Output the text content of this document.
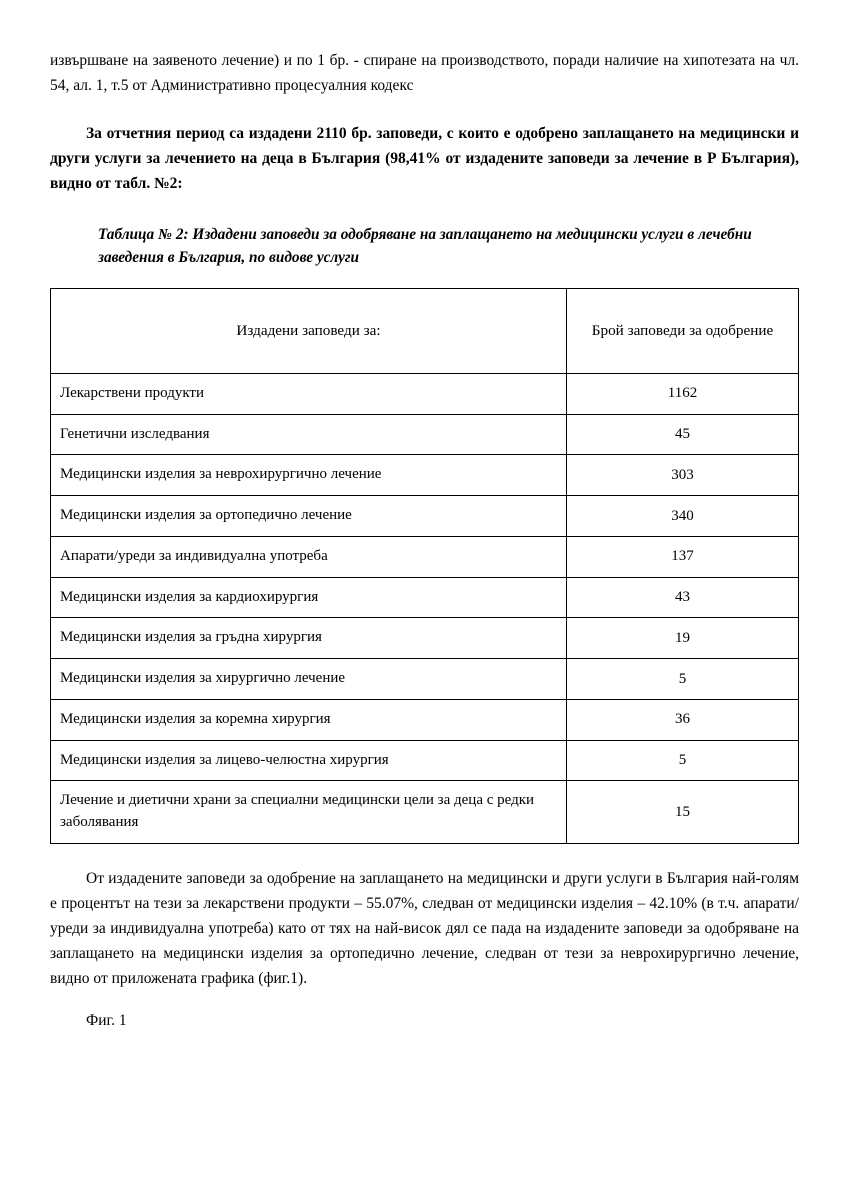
извършване на заявеното лечение) и по 1 бр. - спиране на производството, поради наличие на хипотезата на чл. 54, ал. 1, т.5 от Административно процесуалния кодекс

За отчетния период са издадени 2110 бр. заповеди, с които е одобрено заплащането на медицински и други услуги за лечението на деца в България (98,41% от издадените заповеди за лечение в Р България), видно от табл. №2:

Таблица № 2: Издадени заповеди за одобряване на заплащането на медицински услуги в лечебни заведения в България, по видове услуги

Издадени заповеди за:	Брой заповеди за одобрение
Лекарствени продукти	1162
Генетични изследвания	45
Медицински изделия за неврохирургично лечение	303
Медицински изделия за ортопедично лечение	340
Апарати/уреди за индивидуална употреба	137
Медицински изделия за кардиохирургия	43
Медицински изделия за гръдна хирургия	19
Медицински изделия за хирургично лечение	5
Медицински изделия за коремна хирургия	36
Медицински изделия за лицево-челюстна хирургия	5
Лечение и диетични храни за специални медицински цели за деца с редки заболявания	15

От издадените заповеди за одобрение на заплащането на медицински и други услуги в България най-голям е процентът на тези за лекарствени продукти – 55.07%, следван от медицински изделия – 42.10% (в т.ч. апарати/уреди за индивидуална употреба) като от тях на най-висок дял се пада на издадените заповеди за одобряване на заплащането на медицински изделия за ортопедично лечение, следван от тези за неврохирургично лечение, видно от приложената графика (фиг.1).

Фиг. 1
